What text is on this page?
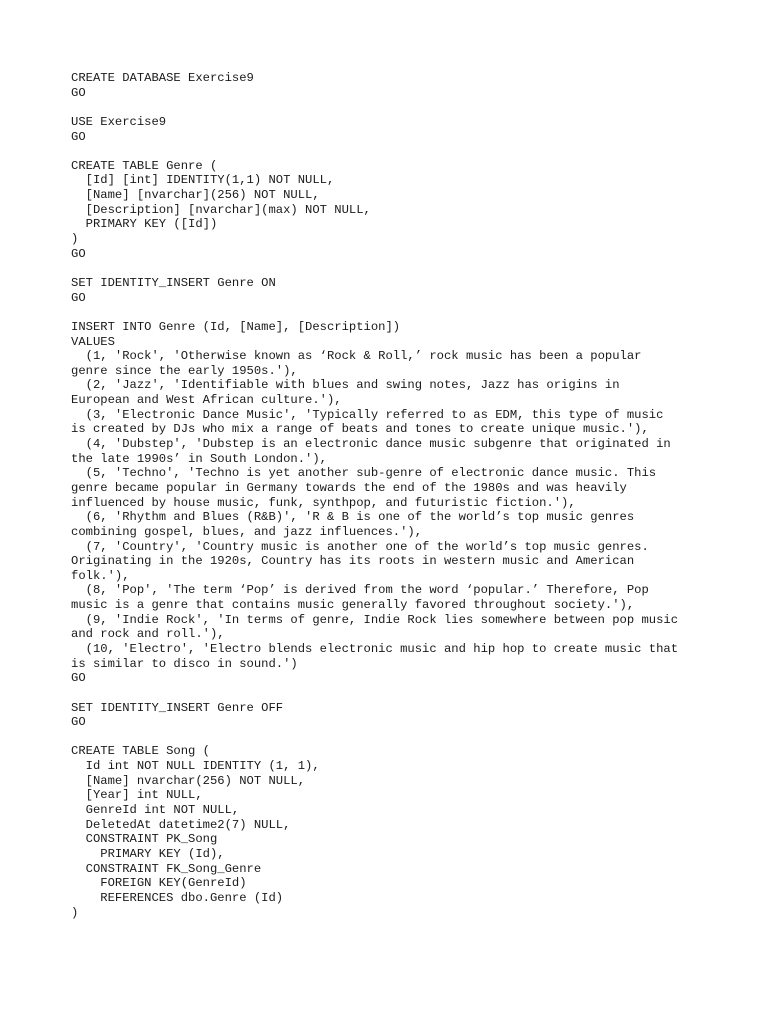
CREATE DATABASE Exercise9
GO
USE Exercise9
GO
CREATE TABLE Genre (
[Id] [int] IDENTITY(1,1) NOT NULL,
[Name] [nvarchar](256) NOT NULL,
[Description] [nvarchar](max) NOT NULL,
PRIMARY KEY ([Id])
)
GO
SET IDENTITY_INSERT Genre ON
GO
INSERT INTO Genre (Id, [Name], [Description])
VALUES
(1, 'Rock', 'Otherwise known as ‘Rock & Roll,’ rock music has been a popular
genre since the early 1950s.'),
(2, 'Jazz', 'Identifiable with blues and swing notes, Jazz has origins in
European and West African culture.'),
(3, 'Electronic Dance Music', 'Typically referred to as EDM, this type of music
is created by DJs who mix a range of beats and tones to create unique music.'),
(4, 'Dubstep', 'Dubstep is an electronic dance music subgenre that originated in
the late 1990s’ in South London.'),
(5, 'Techno', 'Techno is yet another sub-genre of electronic dance music. This
genre became popular in Germany towards the end of the 1980s and was heavily
influenced by house music, funk, synthpop, and futuristic fiction.'),
(6, 'Rhythm and Blues (R&B)', 'R & B is one of the world’s top music genres
combining gospel, blues, and jazz influences.'),
(7, 'Country', 'Country music is another one of the world’s top music genres.
Originating in the 1920s, Country has its roots in western music and American
folk.'),
(8, 'Pop', 'The term ‘Pop’ is derived from the word ‘popular.’ Therefore, Pop
music is a genre that contains music generally favored throughout society.'),
(9, 'Indie Rock', 'In terms of genre, Indie Rock lies somewhere between pop music
and rock and roll.'),
(10, 'Electro', 'Electro blends electronic music and hip hop to create music that
is similar to disco in sound.')
GO
SET IDENTITY_INSERT Genre OFF
GO
CREATE TABLE Song (
Id int NOT NULL IDENTITY (1, 1),
[Name] nvarchar(256) NOT NULL,
[Year] int NULL,
GenreId int NOT NULL,
DeletedAt datetime2(7) NULL,
CONSTRAINT PK_Song
PRIMARY KEY (Id),
CONSTRAINT FK_Song_Genre
FOREIGN KEY(GenreId)
REFERENCES dbo.Genre (Id)
)
